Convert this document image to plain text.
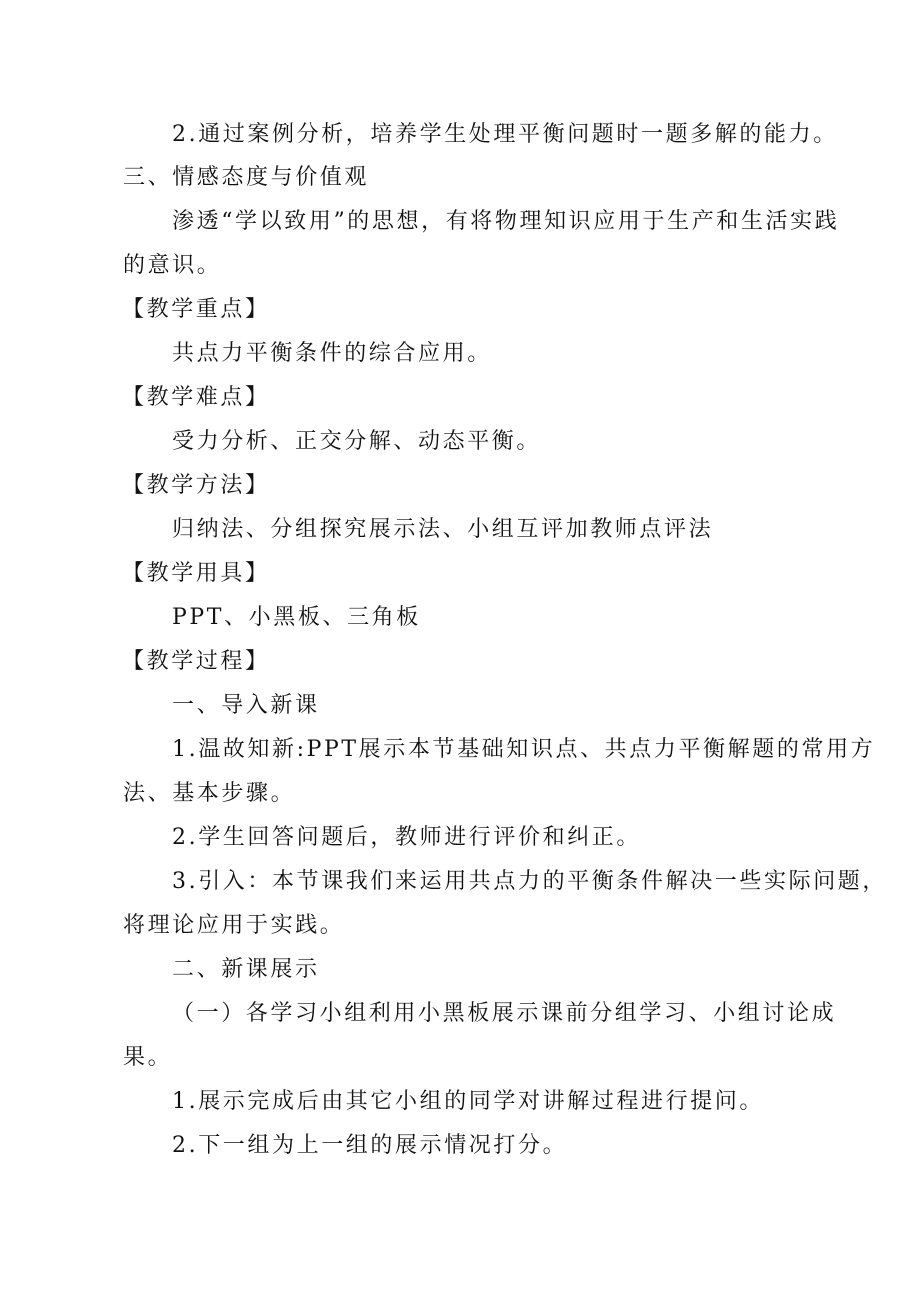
2.通过案例分析，培养学生处理平衡问题时一题多解的能力。

三、情感态度与价值观

渗透“学以致用”的思想，有将物理知识应用于生产和生活实践

的意识。

【教学重点】

共点力平衡条件的综合应用。

【教学难点】

受力分析、正交分解、动态平衡。

【教学方法】

归纳法、分组探究展示法、小组互评加教师点评法

【教学用具】

PPT、小黑板、三角板

【教学过程】

一、导入新课

1.温故知新:PPT展示本节基础知识点、共点力平衡解题的常用方

法、基本步骤。

2.学生回答问题后，教师进行评价和纠正。

3.引入：本节课我们来运用共点力的平衡条件解决一些实际问题，

将理论应用于实践。

二、新课展示

（一）各学习小组利用小黑板展示课前分组学习、小组讨论成

果。

1.展示完成后由其它小组的同学对讲解过程进行提问。

2.下一组为上一组的展示情况打分。
